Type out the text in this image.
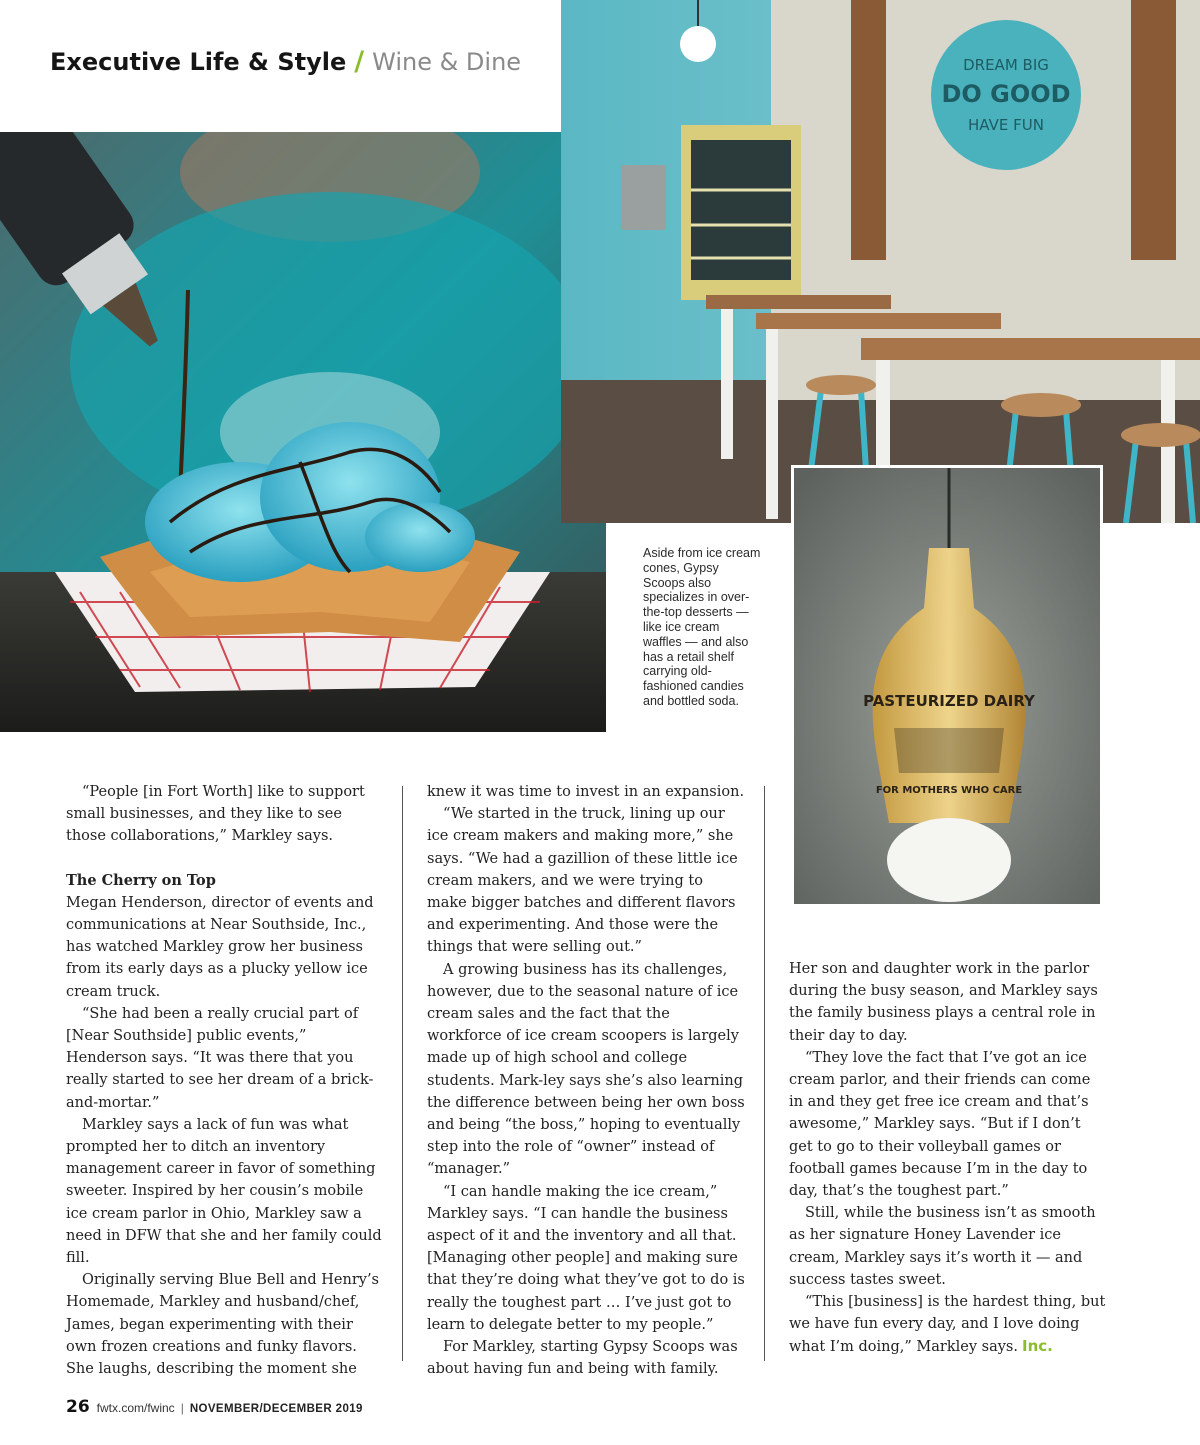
Executive Life & Style / Wine & Dine	DREAM BIG
DO GOOD
HAVE FUN
PASTEURIZED DAIRY
FOR MOTHERS WHO CARE
Aside from ice cream cones, Gypsy Scoops also specializes in over-the-top desserts — like ice cream waffles — and also has a retail shelf carrying old-fashioned candies and bottled soda.

“People [in Fort Worth] like to support small businesses, and they like to see those collaborations,” Markley says.

The Cherry on Top

Megan Henderson, director of events and communications at Near Southside, Inc., has watched Markley grow her business from its early days as a plucky yellow ice cream truck.

“She had been a really crucial part of [Near Southside] public events,” Henderson says. “It was there that you really started to see her dream of a brick-and-mortar.”

Markley says a lack of fun was what prompted her to ditch an inventory management career in favor of something sweeter. Inspired by her cousin’s mobile ice cream parlor in Ohio, Markley saw a need in DFW that she and her family could fill.

Originally serving Blue Bell and Henry’s Homemade, Markley and husband/chef, James, began experimenting with their own frozen creations and funky flavors. She laughs, describing the moment she

knew it was time to invest in an expansion.

“We started in the truck, lining up our ice cream makers and making more,” she says. “We had a gazillion of these little ice cream makers, and we were trying to make bigger batches and different flavors and experimenting. And those were the things that were selling out.”

A growing business has its challenges, however, due to the seasonal nature of ice cream sales and the fact that the workforce of ice cream scoopers is largely made up of high school and college students. Mark-ley says she’s also learning the difference between being her own boss and being “the boss,” hoping to eventually step into the role of “owner” instead of “manager.”

“I can handle making the ice cream,” Markley says. “I can handle the business aspect of it and the inventory and all that. [Managing other people] and making sure that they’re doing what they’ve got to do is really the toughest part … I’ve just got to learn to delegate better to my people.”

For Markley, starting Gypsy Scoops was about having fun and being with family.

Her son and daughter work in the parlor during the busy season, and Markley says the family business plays a central role in their day to day.

“They love the fact that I’ve got an ice cream parlor, and their friends can come in and they get free ice cream and that’s awesome,” Markley says. “But if I don’t get to go to their volleyball games or football games because I’m in the day to day, that’s the toughest part.”

Still, while the business isn’t as smooth as her signature Honey Lavender ice cream, Markley says it’s worth it — and success tastes sweet.

“This [business] is the hardest thing, but we have fun every day, and I love doing what I’m doing,” Markley says. Inc.

26 fwtx.com/fwinc | NOVEMBER/DECEMBER 2019
